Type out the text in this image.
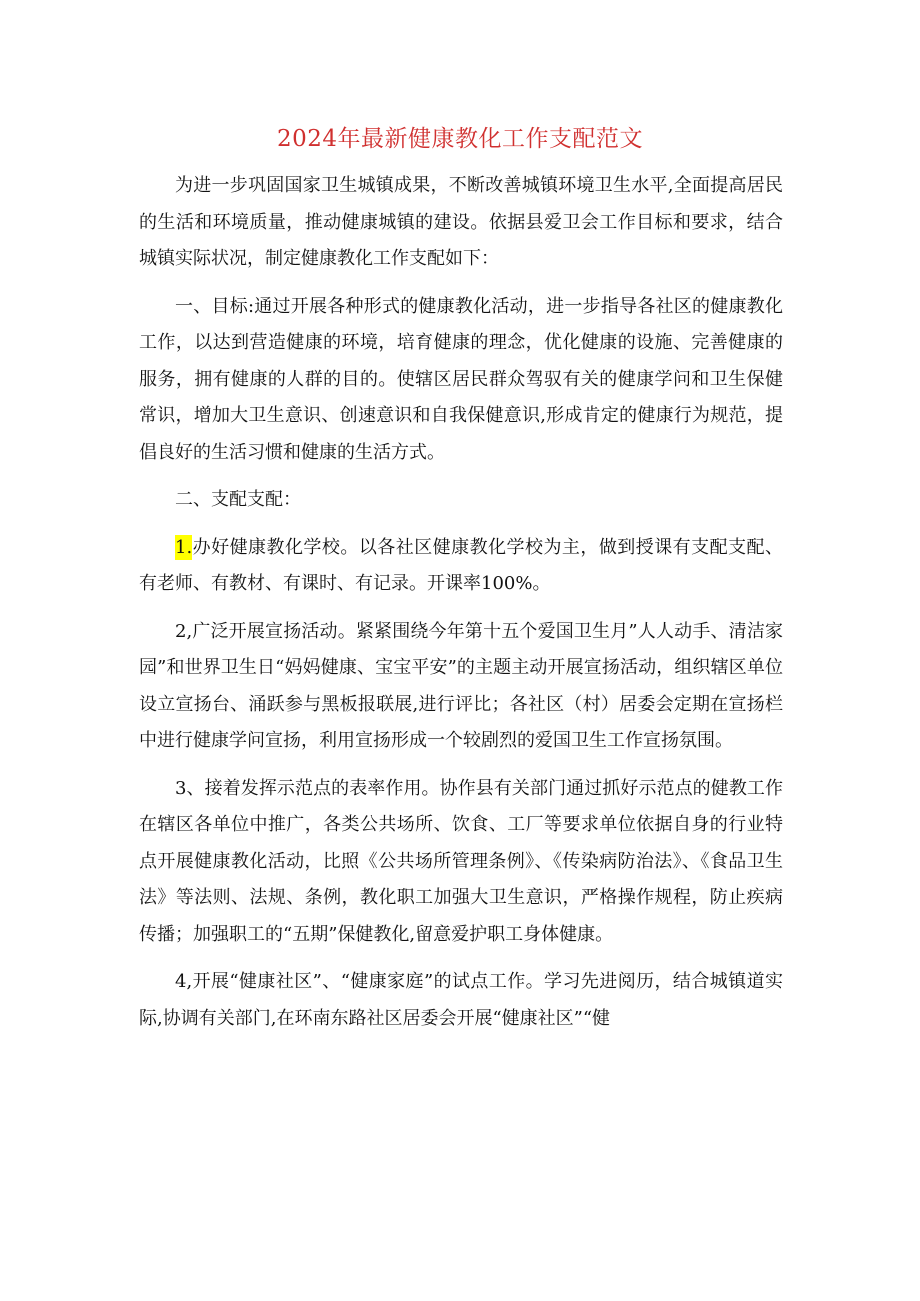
2024年最新健康教化工作支配范文

为进一步巩固国家卫生城镇成果，不断改善城镇环境卫生水平,全面提高居民的生活和环境质量，推动健康城镇的建设。依据县爱卫会工作目标和要求，结合城镇实际状况，制定健康教化工作支配如下：

一、目标:通过开展各种形式的健康教化活动，进一步指导各社区的健康教化工作，以达到营造健康的环境，培育健康的理念，优化健康的设施、完善健康的服务，拥有健康的人群的目的。使辖区居民群众驾驭有关的健康学问和卫生保健常识，增加大卫生意识、创速意识和自我保健意识,形成肯定的健康行为规范，提倡良好的生活习惯和健康的生活方式。

二、支配支配：

1.办好健康教化学校。以各社区健康教化学校为主，做到授课有支配支配、有老师、有教材、有课时、有记录。开课率100%。

2,广泛开展宣扬活动。紧紧围绕今年第十五个爱国卫生月”人人动手、清洁家园”和世界卫生日“妈妈健康、宝宝平安”的主题主动开展宣扬活动，组织辖区单位设立宣扬台、涌跃参与黑板报联展,进行评比；各社区（村）居委会定期在宣扬栏中进行健康学问宣扬，利用宣扬形成一个较剧烈的爱国卫生工作宣扬氛围。

3、接着发挥示范点的表率作用。协作县有关部门通过抓好示范点的健教工作在辖区各单位中推广，各类公共场所、饮食、工厂等要求单位依据自身的行业特点开展健康教化活动，比照《公共场所管理条例》、《传染病防治法》、《食品卫生法》等法则、法规、条例，教化职工加强大卫生意识，严格操作规程，防止疾病传播；加强职工的“五期”保健教化,留意爱护职工身体健康。

4,开展“健康社区”、“健康家庭”的试点工作。学习先进阅历，结合城镇道实际,协调有关部门,在环南东路社区居委会开展“健康社区”“健
